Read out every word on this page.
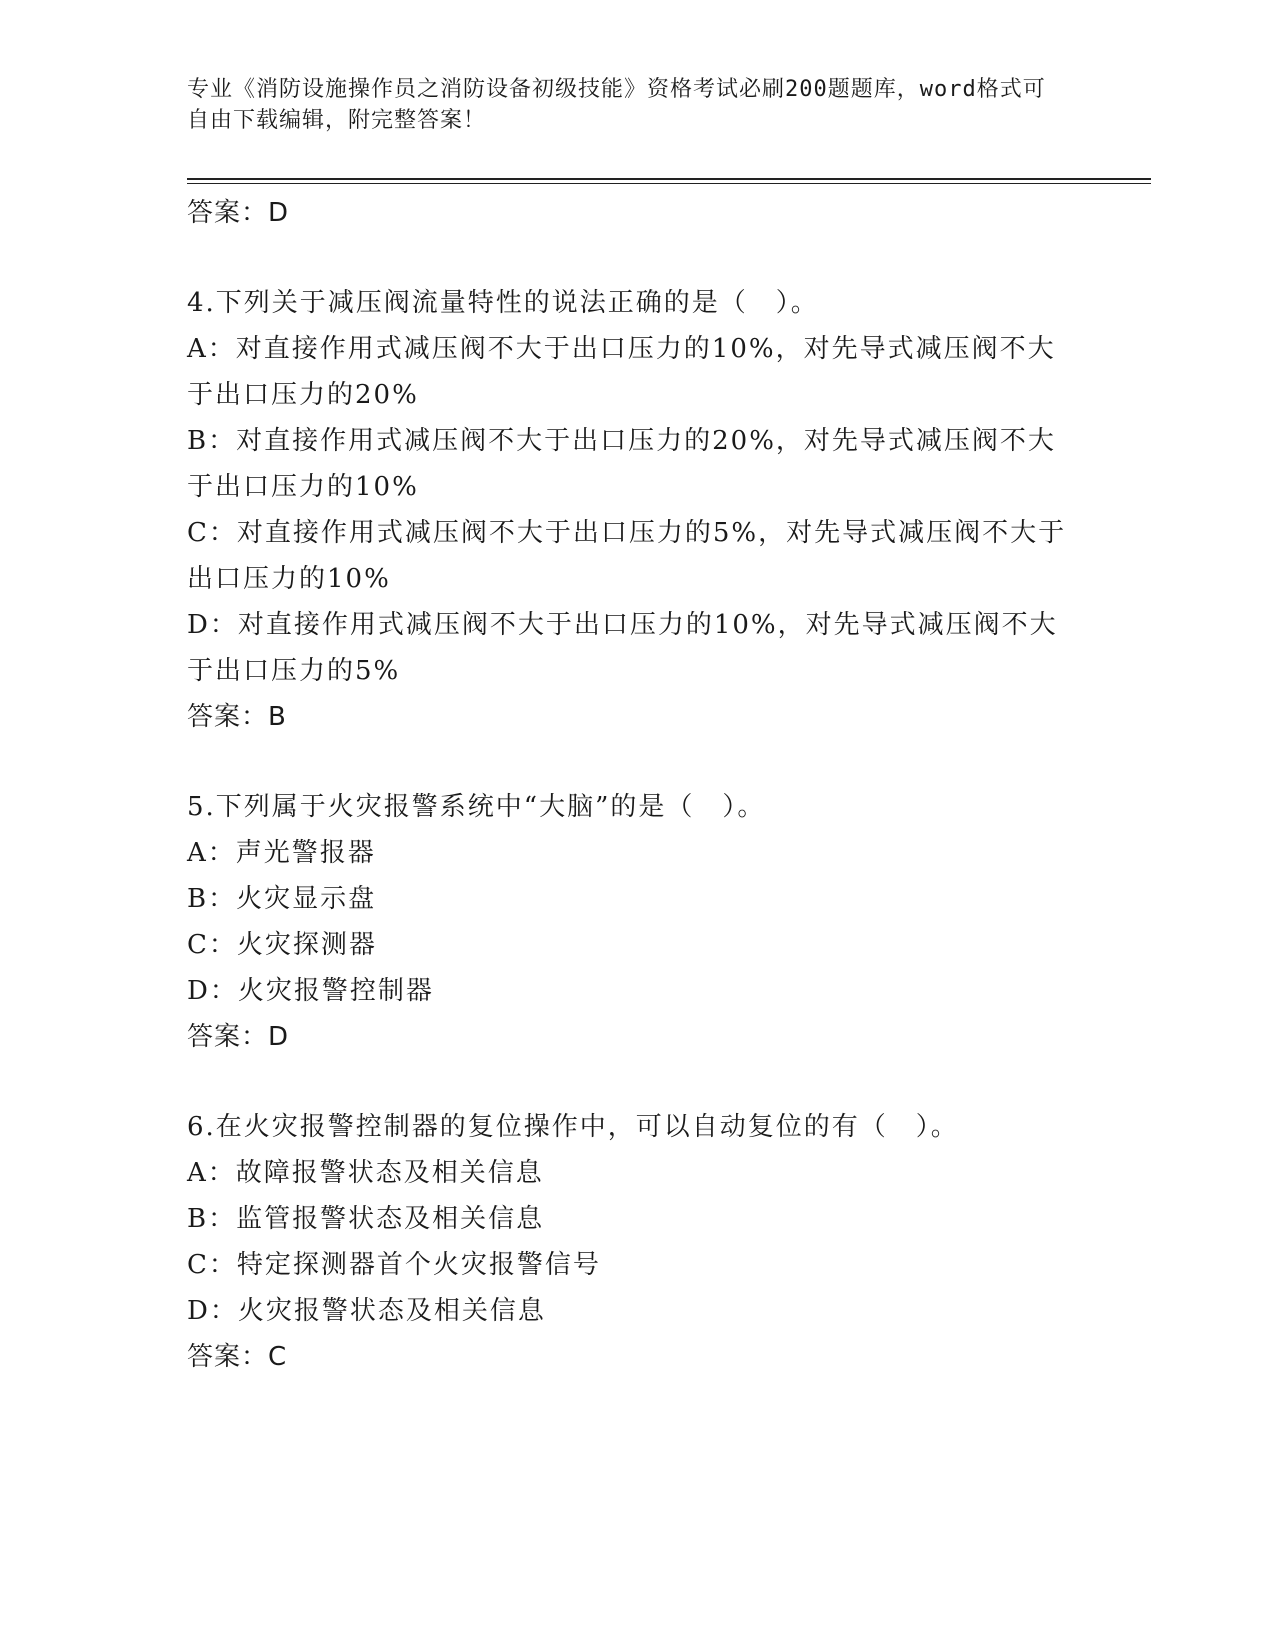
专业《消防设施操作员之消防设备初级技能》资格考试必刷200题题库，word格式可自由下载编辑，附完整答案！
答案：D
4.下列关于减压阀流量特性的说法正确的是（　）。
A：对直接作用式减压阀不大于出口压力的10%，对先导式减压阀不大于出口压力的20%
B：对直接作用式减压阀不大于出口压力的20%，对先导式减压阀不大于出口压力的10%
C：对直接作用式减压阀不大于出口压力的5%，对先导式减压阀不大于出口压力的10%
D：对直接作用式减压阀不大于出口压力的10%，对先导式减压阀不大于出口压力的5%
答案：B
5.下列属于火灾报警系统中“大脑”的是（　）。
A：声光警报器
B：火灾显示盘
C：火灾探测器
D：火灾报警控制器
答案：D
6.在火灾报警控制器的复位操作中，可以自动复位的有（　）。
A：故障报警状态及相关信息
B：监管报警状态及相关信息
C：特定探测器首个火灾报警信号
D：火灾报警状态及相关信息
答案：C
